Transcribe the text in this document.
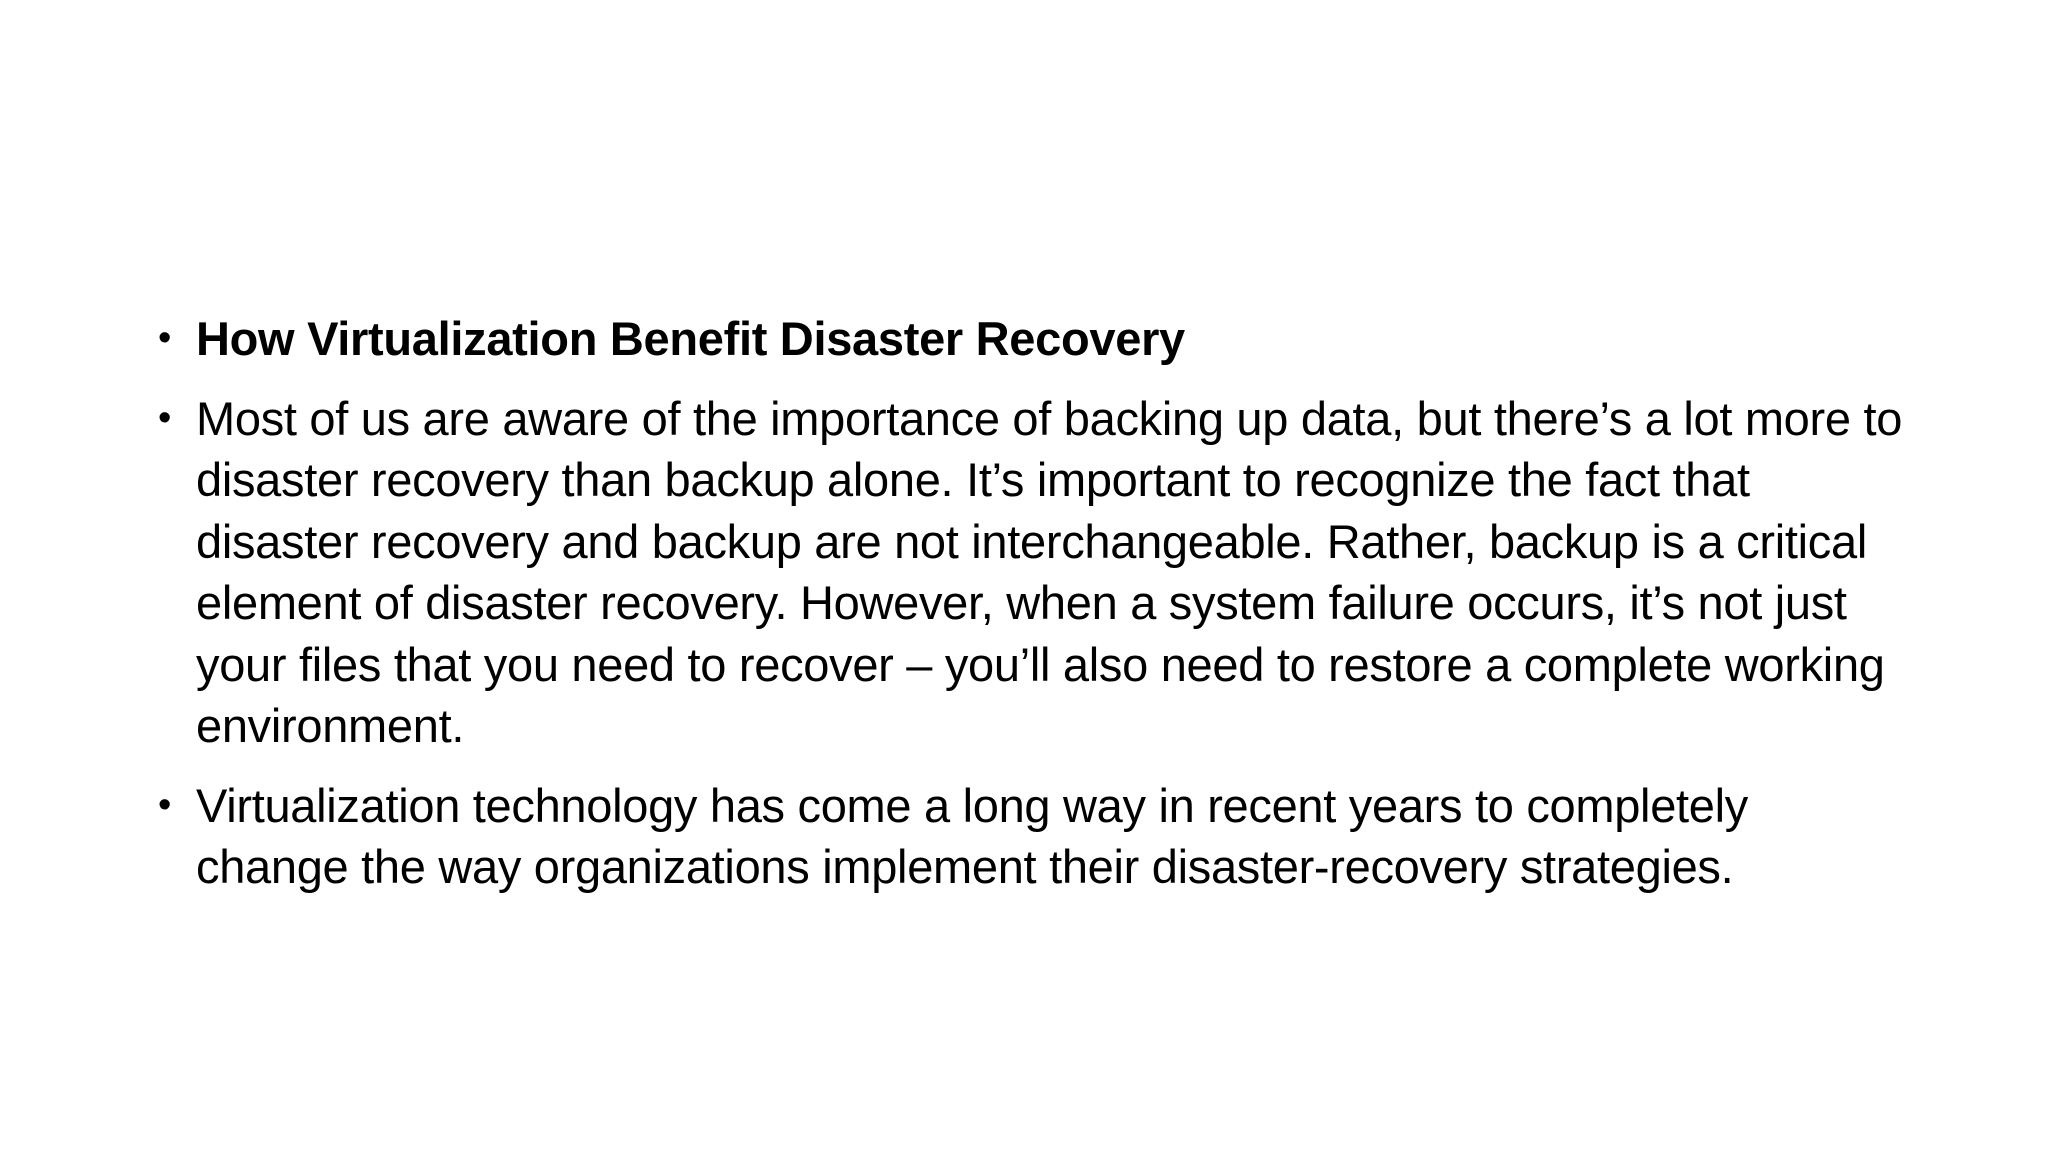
• How Virtualization Benefit Disaster Recovery
• Most of us are aware of the importance of backing up data, but there’s a lot more to disaster recovery than backup alone. It’s important to recognize the fact that disaster recovery and backup are not interchangeable. Rather, backup is a critical element of disaster recovery. However, when a system failure occurs, it’s not just your files that you need to recover – you’ll also need to restore a complete working environment.
• Virtualization technology has come a long way in recent years to completely change the way organizations implement their disaster-recovery strategies.
